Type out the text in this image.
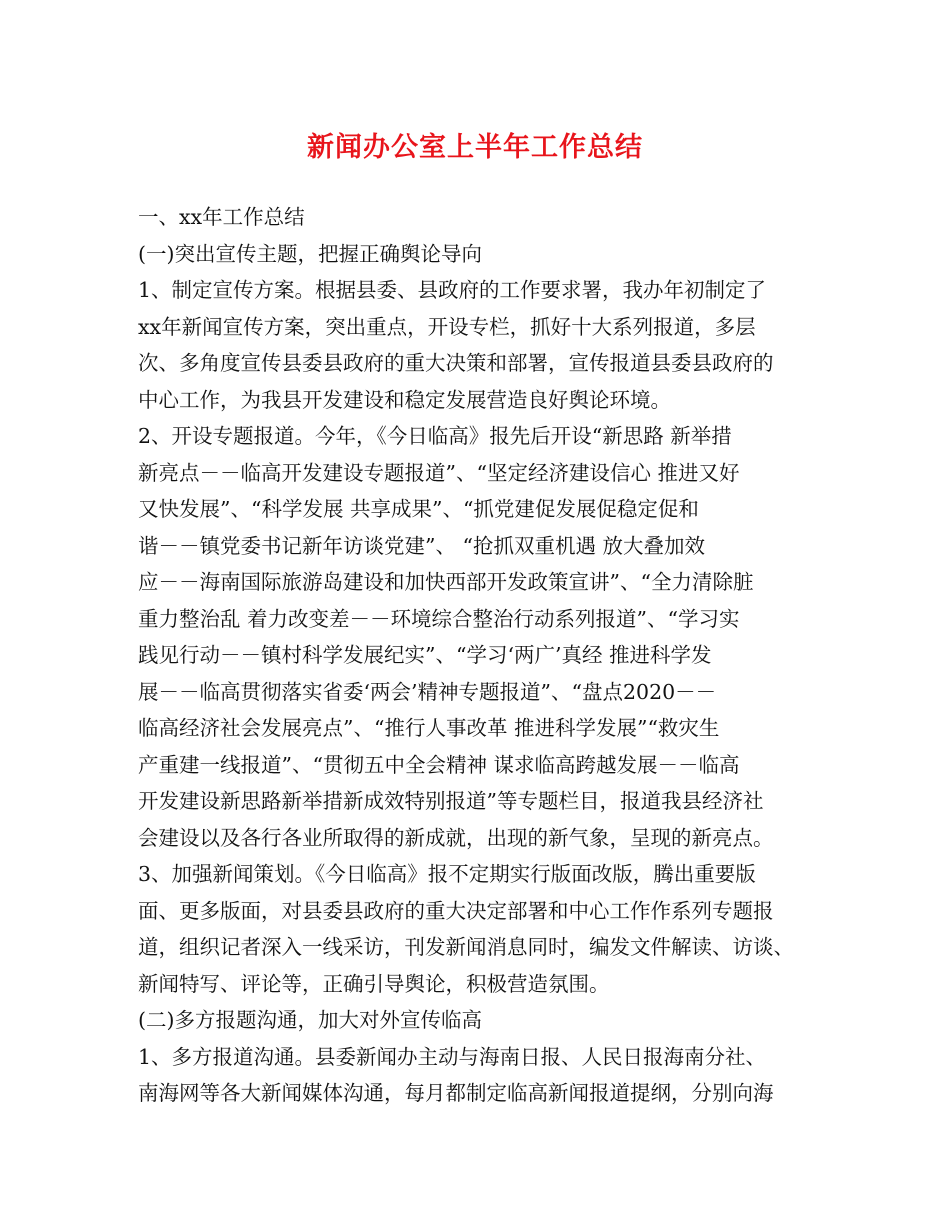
新闻办公室上半年工作总结
一、xx年工作总结
(一)突出宣传主题，把握正确舆论导向
1、制定宣传方案。根据县委、县政府的工作要求署，我办年初制定了
xx年新闻宣传方案，突出重点，开设专栏，抓好十大系列报道，多层
次、多角度宣传县委县政府的重大决策和部署，宣传报道县委县政府的
中心工作，为我县开发建设和稳定发展营造良好舆论环境。
2、开设专题报道。今年，《今日临高》报先后开设“新思路 新举措
新亮点－－临高开发建设专题报道”、“坚定经济建设信心 推进又好
又快发展”、“科学发展 共享成果”、“抓党建促发展促稳定促和
谐－－镇党委书记新年访谈党建”、 “抢抓双重机遇 放大叠加效
应－－海南国际旅游岛建设和加快西部开发政策宣讲”、“全力清除脏
重力整治乱 着力改变差－－环境综合整治行动系列报道”、“学习实
践见行动－－镇村科学发展纪实”、“学习‘两广’真经 推进科学发
展－－临高贯彻落实省委‘两会’精神专题报道”、“盘点2020－－
临高经济社会发展亮点”、“推行人事改革 推进科学发展”“救灾生
产重建一线报道”、“贯彻五中全会精神 谋求临高跨越发展－－临高
开发建设新思路新举措新成效特别报道”等专题栏目，报道我县经济社
会建设以及各行各业所取得的新成就，出现的新气象，呈现的新亮点。
3、加强新闻策划。《今日临高》报不定期实行版面改版，腾出重要版
面、更多版面，对县委县政府的重大决定部署和中心工作作系列专题报
道，组织记者深入一线采访，刊发新闻消息同时，编发文件解读、访谈、
新闻特写、评论等，正确引导舆论，积极营造氛围。
(二)多方报题沟通，加大对外宣传临高
1、多方报道沟通。县委新闻办主动与海南日报、人民日报海南分社、
南海网等各大新闻媒体沟通，每月都制定临高新闻报道提纲，分别向海
